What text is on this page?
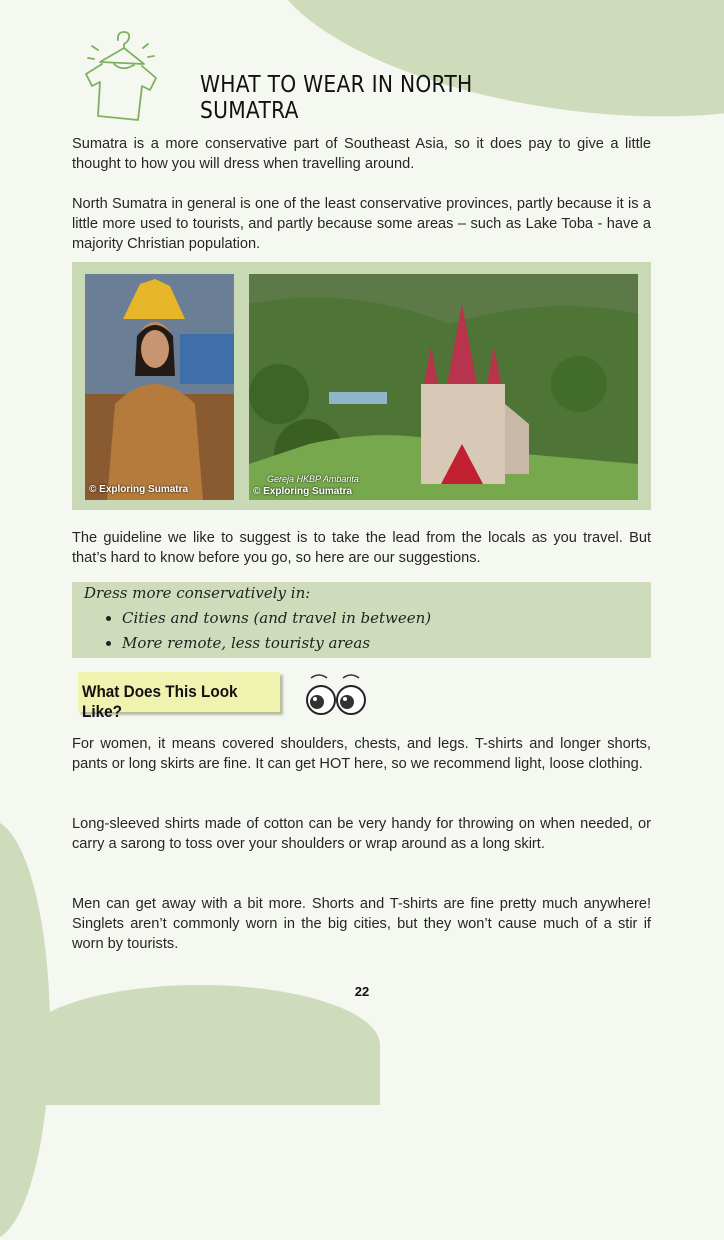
WHAT TO WEAR IN NORTH SUMATRA

Sumatra is a more conservative part of Southeast Asia, so it does pay to give a little thought to how you will dress when travelling around.

North Sumatra in general is one of the least conservative provinces, partly because it is a little more used to tourists, and partly because some areas – such as Lake Toba - have a majority Christian population.

© Exploring Sumatra
Gereja HKBP Ambarita
© Exploring Sumatra

The guideline we like to suggest is to take the lead from the locals as you travel. But that’s hard to know before you go, so here are our suggestions.

Dress more conservatively in:

• Cities and towns (and travel in between)
• More remote, less touristy areas

What Does This Look Like?

For women, it means covered shoulders, chests, and legs. T-shirts and longer shorts, pants or long skirts are fine. It can get HOT here, so we recommend light, loose clothing.

Long-sleeved shirts made of cotton can be very handy for throwing on when needed, or carry a sarong to toss over your shoulders or wrap around as a long skirt.

Men can get away with a bit more. Shorts and T-shirts are fine pretty much anywhere! Singlets aren’t commonly worn in the big cities, but they won’t cause much of a stir if worn by tourists.

22
